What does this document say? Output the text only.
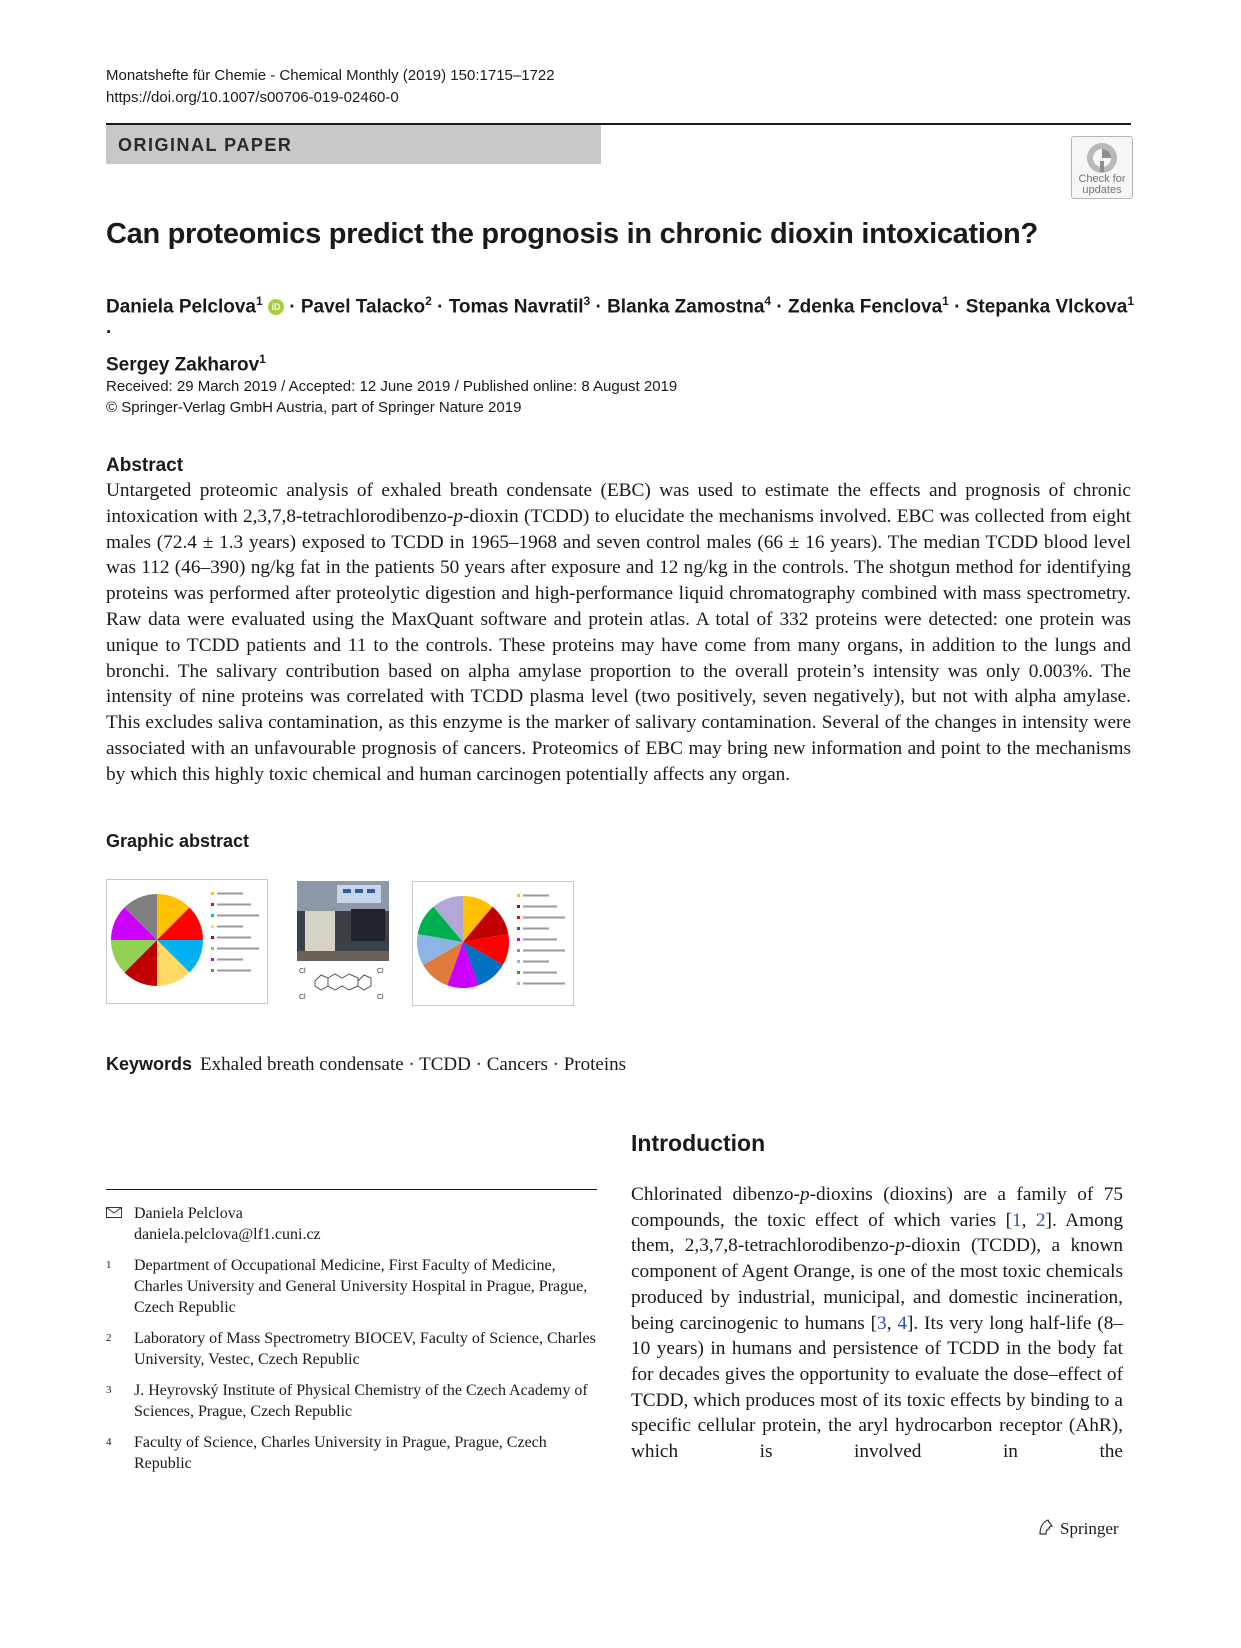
Monatshefte für Chemie - Chemical Monthly (2019) 150:1715–1722
https://doi.org/10.1007/s00706-019-02460-0
ORIGINAL PAPER
Check for
updates
Can proteomics predict the prognosis in chronic dioxin intoxication?
Daniela Pelclova$^1$ iD · Pavel Talacko$^2$ · Tomas Navratil$^3$ · Blanka Zamostna$^4$ · Zdenka Fenclova$^1$ · Stepanka Vlckova$^1$ ·
Sergey Zakharov$^1$
Received: 29 March 2019 / Accepted: 12 June 2019 / Published online: 8 August 2019
© Springer-Verlag GmbH Austria, part of Springer Nature 2019
Abstract
Untargeted proteomic analysis of exhaled breath condensate (EBC) was used to estimate the effects and prognosis of chronic intoxication with 2,3,7,8-tetrachlorodibenzo-p-dioxin (TCDD) to elucidate the mechanisms involved. EBC was collected from eight males (72.4 ± 1.3 years) exposed to TCDD in 1965–1968 and seven control males (66 ± 16 years). The median TCDD blood level was 112 (46–390) ng/kg fat in the patients 50 years after exposure and 12 ng/kg in the controls. The shotgun method for identifying proteins was performed after proteolytic digestion and high-performance liquid chromatography combined with mass spectrometry. Raw data were evaluated using the MaxQuant software and protein atlas. A total of 332 proteins were detected: one protein was unique to TCDD patients and 11 to the controls. These proteins may have come from many organs, in addition to the lungs and bronchi. The salivary contribution based on alpha amylase proportion to the overall protein’s intensity was only 0.003%. The intensity of nine proteins was correlated with TCDD plasma level (two positively, seven negatively), but not with alpha amylase. This excludes saliva contamination, as this enzyme is the marker of salivary contamination. Several of the changes in intensity were associated with an unfavourable prognosis of cancers. Proteomics of EBC may bring new information and point to the mechanisms by which this highly toxic chemical and human carcinogen potentially affects any organ.
Graphic abstract
Cl
Cl
Cl
Cl
Keywords Exhaled breath condensate · TCDD · Cancers · Proteins
Introduction
Chlorinated dibenzo-p-dioxins (dioxins) are a family of 75 compounds, the toxic effect of which varies [1, 2]. Among them, 2,3,7,8-tetrachlorodibenzo-p-dioxin (TCDD), a known component of Agent Orange, is one of the most toxic chemicals produced by industrial, municipal, and domestic incineration, being carcinogenic to humans [3, 4]. Its very long half-life (8–10 years) in humans and persistence of TCDD in the body fat for decades gives the opportunity to evaluate the dose–effect of TCDD, which produces most of its toxic effects by binding to a specific cellular protein, the aryl hydrocarbon receptor (AhR), which is involved in the
Daniela Pelclova
daniela.pelclova@lf1.cuni.cz
1 Department of Occupational Medicine, First Faculty of Medicine, Charles University and General University Hospital in Prague, Prague, Czech Republic
2 Laboratory of Mass Spectrometry BIOCEV, Faculty of Science, Charles University, Vestec, Czech Republic
3 J. Heyrovský Institute of Physical Chemistry of the Czech Academy of Sciences, Prague, Czech Republic
4 Faculty of Science, Charles University in Prague, Prague, Czech Republic
Springer
